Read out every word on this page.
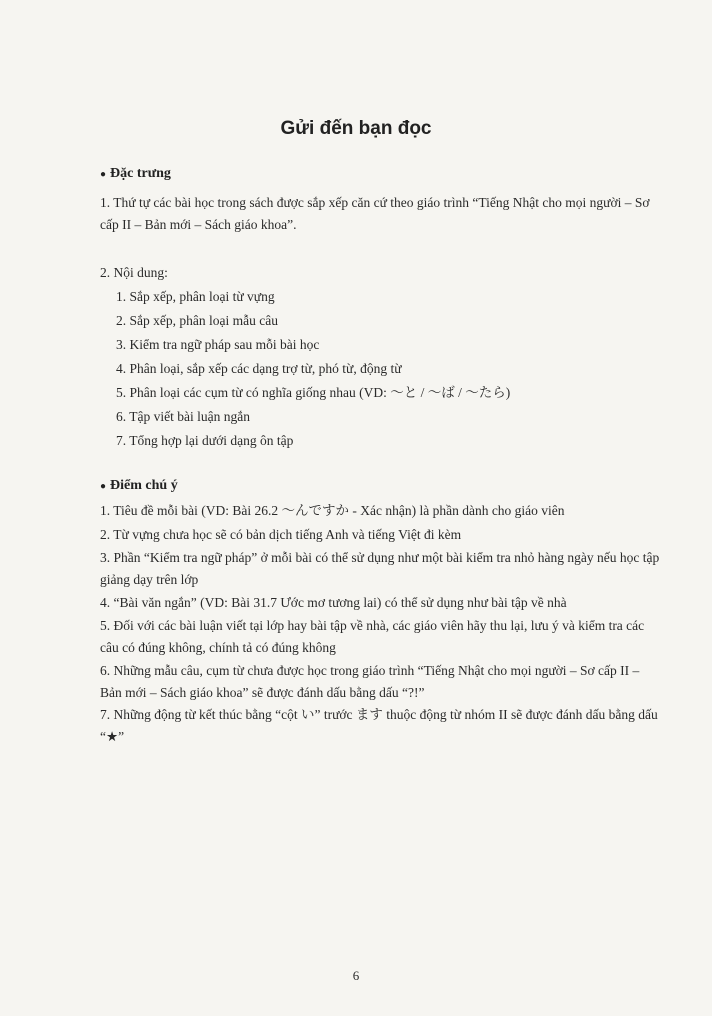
Gửi đến bạn đọc
● Đặc trưng
1. Thứ tự các bài học trong sách được sắp xếp căn cứ theo giáo trình “Tiếng Nhật cho mọi người – Sơ cấp II – Bản mới – Sách giáo khoa”.
2. Nội dung:
1. Sắp xếp, phân loại từ vựng
2. Sắp xếp, phân loại mẫu câu
3. Kiểm tra ngữ pháp sau mỗi bài học
4. Phân loại, sắp xếp các dạng trợ từ, phó từ, động từ
5. Phân loại các cụm từ có nghĩa giống nhau (VD: ～と / ～ば / ～たら)
6. Tập viết bài luận ngắn
7. Tổng hợp lại dưới dạng ôn tập
● Điểm chú ý
1. Tiêu đề mỗi bài (VD: Bài 26.2 ～んですか - Xác nhận) là phần dành cho giáo viên
2. Từ vựng chưa học sẽ có bản dịch tiếng Anh và tiếng Việt đi kèm
3. Phần “Kiểm tra ngữ pháp” ở mỗi bài có thể sử dụng như một bài kiểm tra nhỏ hàng ngày nếu học tập giảng dạy trên lớp
4. “Bài văn ngắn” (VD: Bài 31.7 Ước mơ tương lai) có thể sử dụng như bài tập về nhà
5. Đối với các bài luận viết tại lớp hay bài tập về nhà, các giáo viên hãy thu lại, lưu ý và kiểm tra các câu có đúng không, chính tả có đúng không
6. Những mẫu câu, cụm từ chưa được học trong giáo trình “Tiếng Nhật cho mọi người – Sơ cấp II – Bản mới – Sách giáo khoa” sẽ được đánh dấu bằng dấu “?!”
7. Những động từ kết thúc bằng “cột い” trước ます thuộc động từ nhóm II sẽ được đánh dấu bằng dấu “★”
6
